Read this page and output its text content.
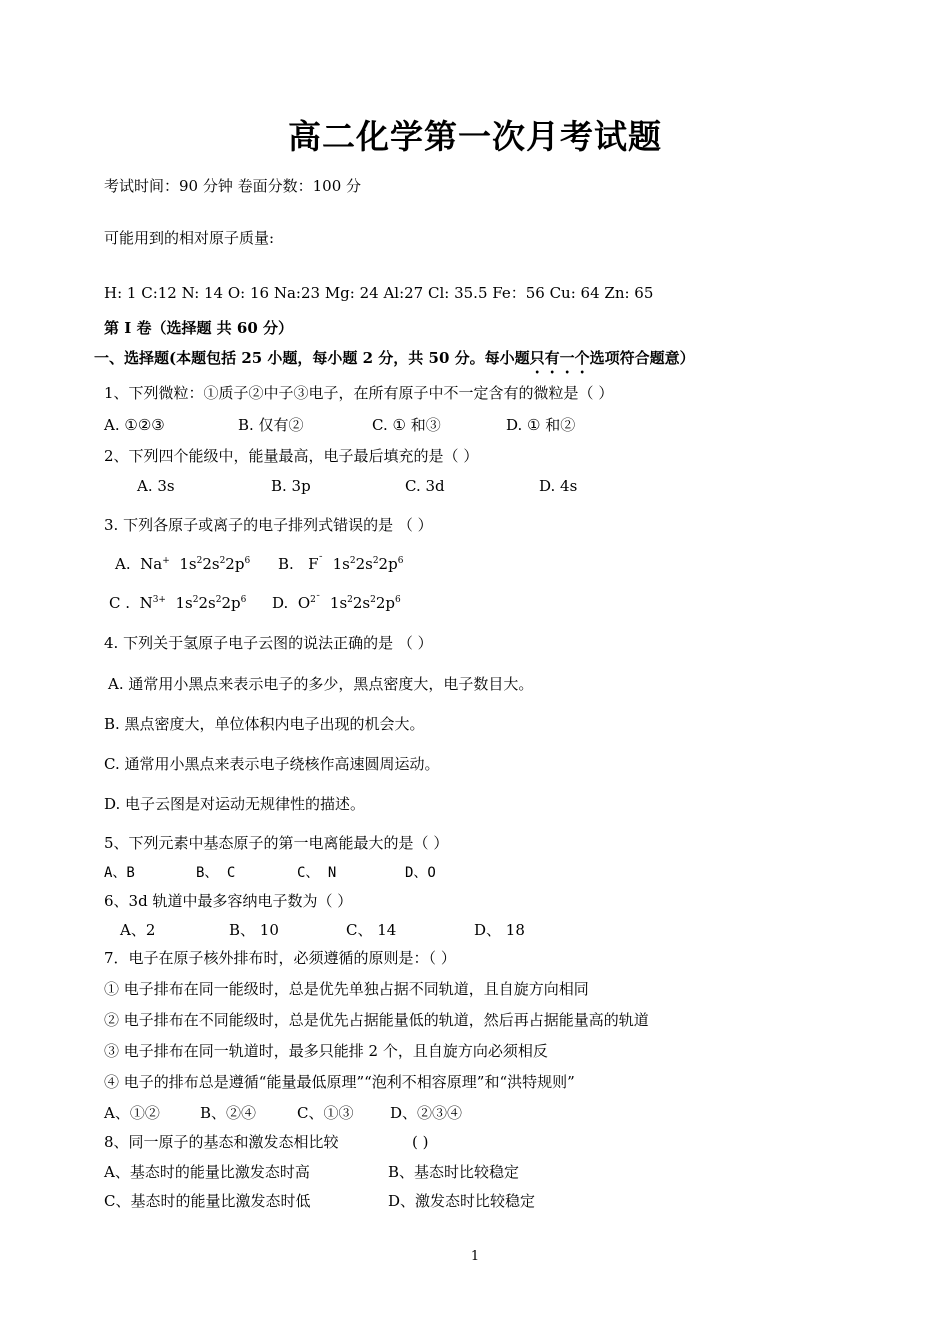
高二化学第一次月考试题
考试时间：90 分钟 卷面分数：100 分
可能用到的相对原子质量:
H: 1 C:12 N: 14 O: 16 Na:23 Mg: 24 Al:27 Cl: 35.5 Fe：56 Cu: 64 Zn: 65
第 Ⅰ 卷（选择题 共 60 分）
一、选择题(本题包括 25 小题，每小题 2 分，共 50 分。每小题只有一个选项符合题意）
1、下列微粒：①质子②中子③电子，在所有原子中不一定含有的微粒是（ ）
A. ①②③	B. 仅有②	C. ① 和③	D. ① 和②
2、下列四个能级中，能量最高，电子最后填充的是（ ）
A. 3s	B. 3p	C. 3d	D. 4s
3. 下列各原子或离子的电子排列式错误的是 （ ）
A. Na+ $1s^22s^22p^6$ B. F¯ $1s^22s^22p^6$
C . $N^{3+}$ $1s^22s^22p^6$ D. $O^{2¯}$ $1s^22s^22p^6$
4. 下列关于氢原子电子云图的说法正确的是 （ ）
A. 通常用小黑点来表示电子的多少，黑点密度大，电子数目大。
B. 黑点密度大，单位体积内电子出现的机会大。
C. 通常用小黑点来表示电子绕核作高速圆周运动。
D. 电子云图是对运动无规律性的描述。
5、下列元素中基态原子的第一电离能最大的是（ ）
A、B	B、 C	C、 N	D、O
6、3d 轨道中最多容纳电子数为（ ）
A、2	B、 10	C、 14	D、 18
7．电子在原子核外排布时，必须遵循的原则是：（ ）
① 电子排布在同一能级时，总是优先单独占据不同轨道，且自旋方向相同
② 电子排布在不同能级时，总是优先占据能量低的轨道，然后再占据能量高的轨道
③ 电子排布在同一轨道时，最多只能排 2 个，且自旋方向必须相反
④ 电子的排布总是遵循“能量最低原理”“泡利不相容原理”和“洪特规则”
A、①②	B、②④	C、①③ D、②③④
8、同一原子的基态和激发态相比较	( )
A、基态时的能量比激发态时高	B、基态时比较稳定
C、基态时的能量比激发态时低	D、激发态时比较稳定
1
